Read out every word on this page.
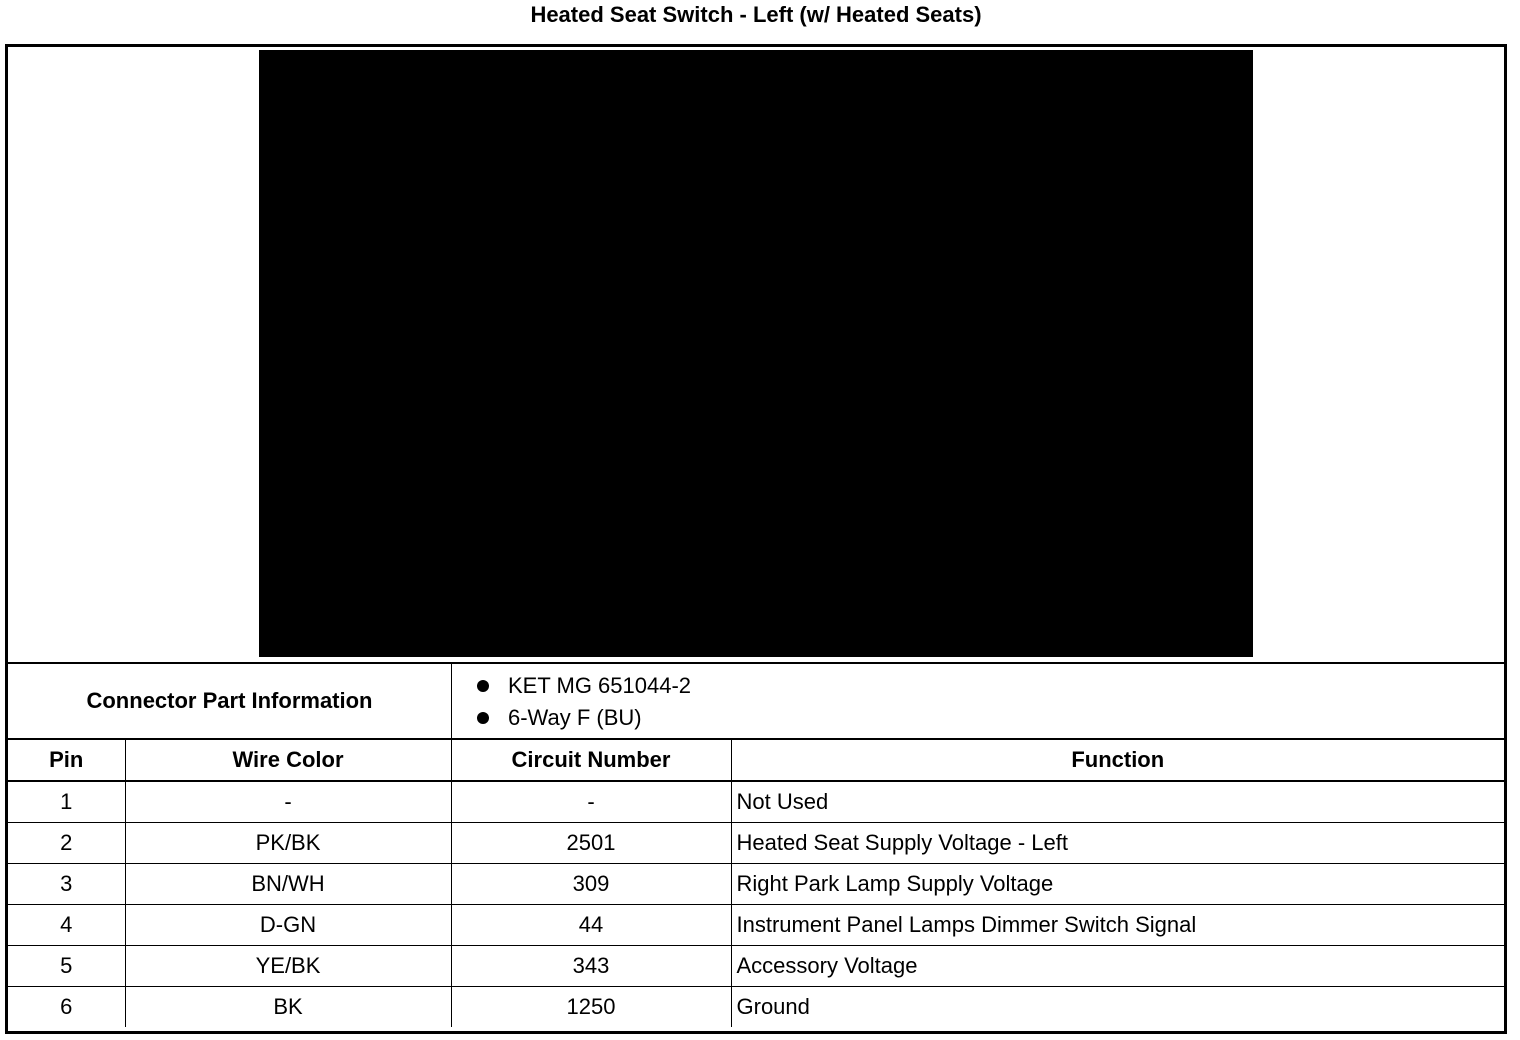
Heated Seat Switch - Left (w/ Heated Seats)
Connector Part Information
KET MG 651044-2
6-Way F (BU)
Pin	Wire Color	Circuit Number	Function
1	-	-	Not Used
2	PK/BK	2501	Heated Seat Supply Voltage - Left
3	BN/WH	309	Right Park Lamp Supply Voltage
4	D-GN	44	Instrument Panel Lamps Dimmer Switch Signal
5	YE/BK	343	Accessory Voltage
6	BK	1250	Ground
